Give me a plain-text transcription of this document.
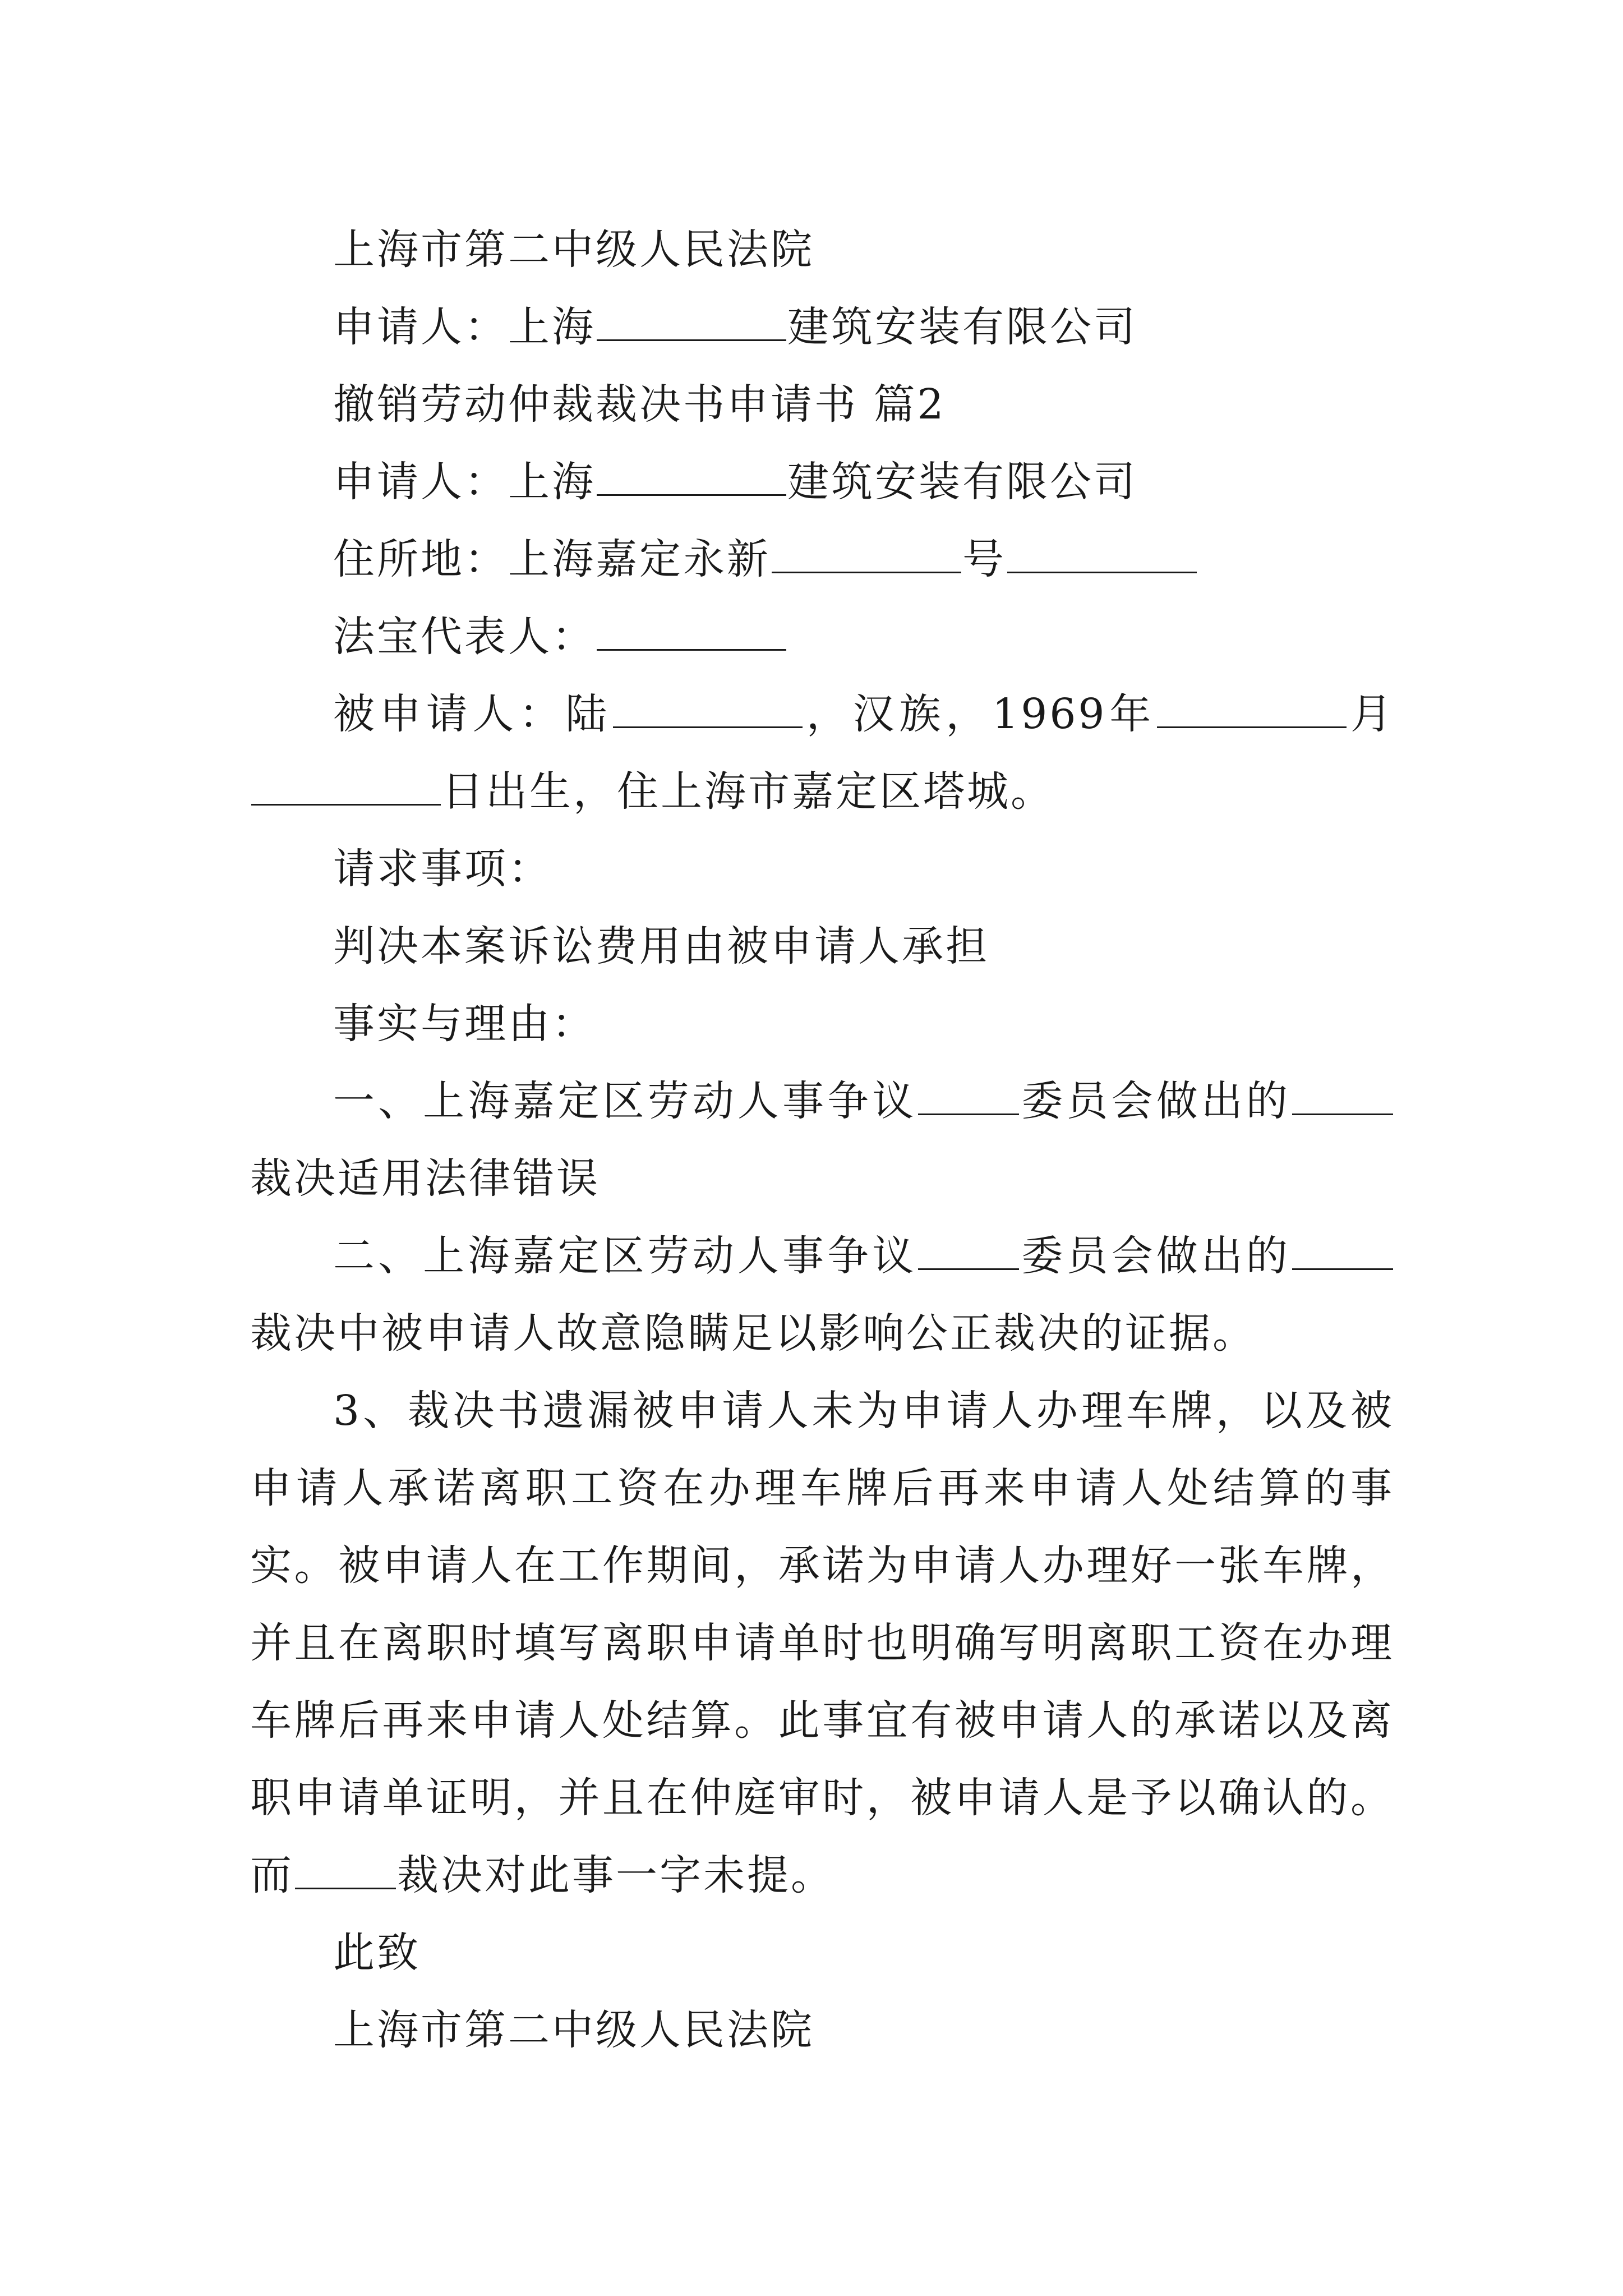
上海市第二中级人民法院
申请人：上海	建筑安装有限公司
撤销劳动仲裁裁决书申请书 篇2
申请人：上海	建筑安装有限公司
住所地：上海嘉定永新	号
法宝代表人：
被申请人：陆	，汉族，1969年	月日出生，住上海市嘉定区塔城。
请求事项：
判决本案诉讼费用由被申请人承担
事实与理由：
一、上海嘉定区劳动人事争议 委员会做出的裁决适用法律错误
二、上海嘉定区劳动人事争议 委员会做出的裁决中被申请人故意隐瞒足以影响公正裁决的证据。
3、裁决书遗漏被申请人未为申请人办理车牌，以及被申请人承诺离职工资在办理车牌后再来申请人处结算的事实。被申请人在工作期间，承诺为申请人办理好一张车牌，并且在离职时填写离职申请单时也明确写明离职工资在办理车牌后再来申请人处结算。此事宜有被申请人的承诺以及离职申请单证明，并且在仲庭审时，被申请人是予以确认的。而 裁决对此事一字未提。
此致
上海市第二中级人民法院
